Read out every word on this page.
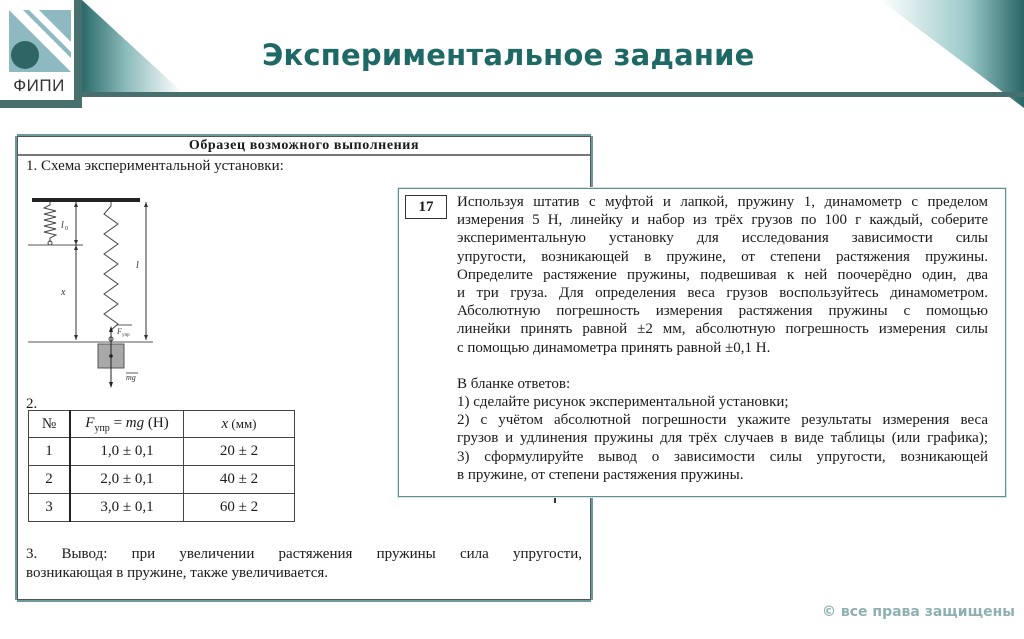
ФИПИ
Экспериментальное задание
Образец возможного выполнения
1. Схема экспериментальной установки:
l 0
x
l
F упр
mg
2.
№	$F_{упр}$ = mg (Н)	x (мм)
1	1,0 ± 0,1	20 ± 2
2	2,0 ± 0,1	40 ± 2
3	3,0 ± 0,1	60 ± 2
3. Вывод: при увеличении растяжения пружины сила упругости,
возникающая в пружине, также увеличивается.
17	Используя штатив с муфтой и лапкой, пружину 1, динамометр с пределом
измерения 5 Н, линейку и набор из трёх грузов по 100 г каждый, соберите
экспериментальную установку для исследования зависимости силы
упругости, возникающей в пружине, от степени растяжения пружины.
Определите растяжение пружины, подвешивая к ней поочерёдно один, два
и три груза. Для определения веса грузов воспользуйтесь динамометром.
Абсолютную погрешность измерения растяжения пружины с помощью
линейки принять равной ±2 мм, абсолютную погрешность измерения силы
с помощью динамометра принять равной ±0,1 Н.

В бланке ответов:
1) сделайте рисунок экспериментальной установки;
2) с учётом абсолютной погрешности укажите результаты измерения веса
грузов и удлинения пружины для трёх случаев в виде таблицы (или графика);
3) сформулируйте вывод о зависимости силы упругости, возникающей
в пружине, от степени растяжения пружины.

© все права защищены
